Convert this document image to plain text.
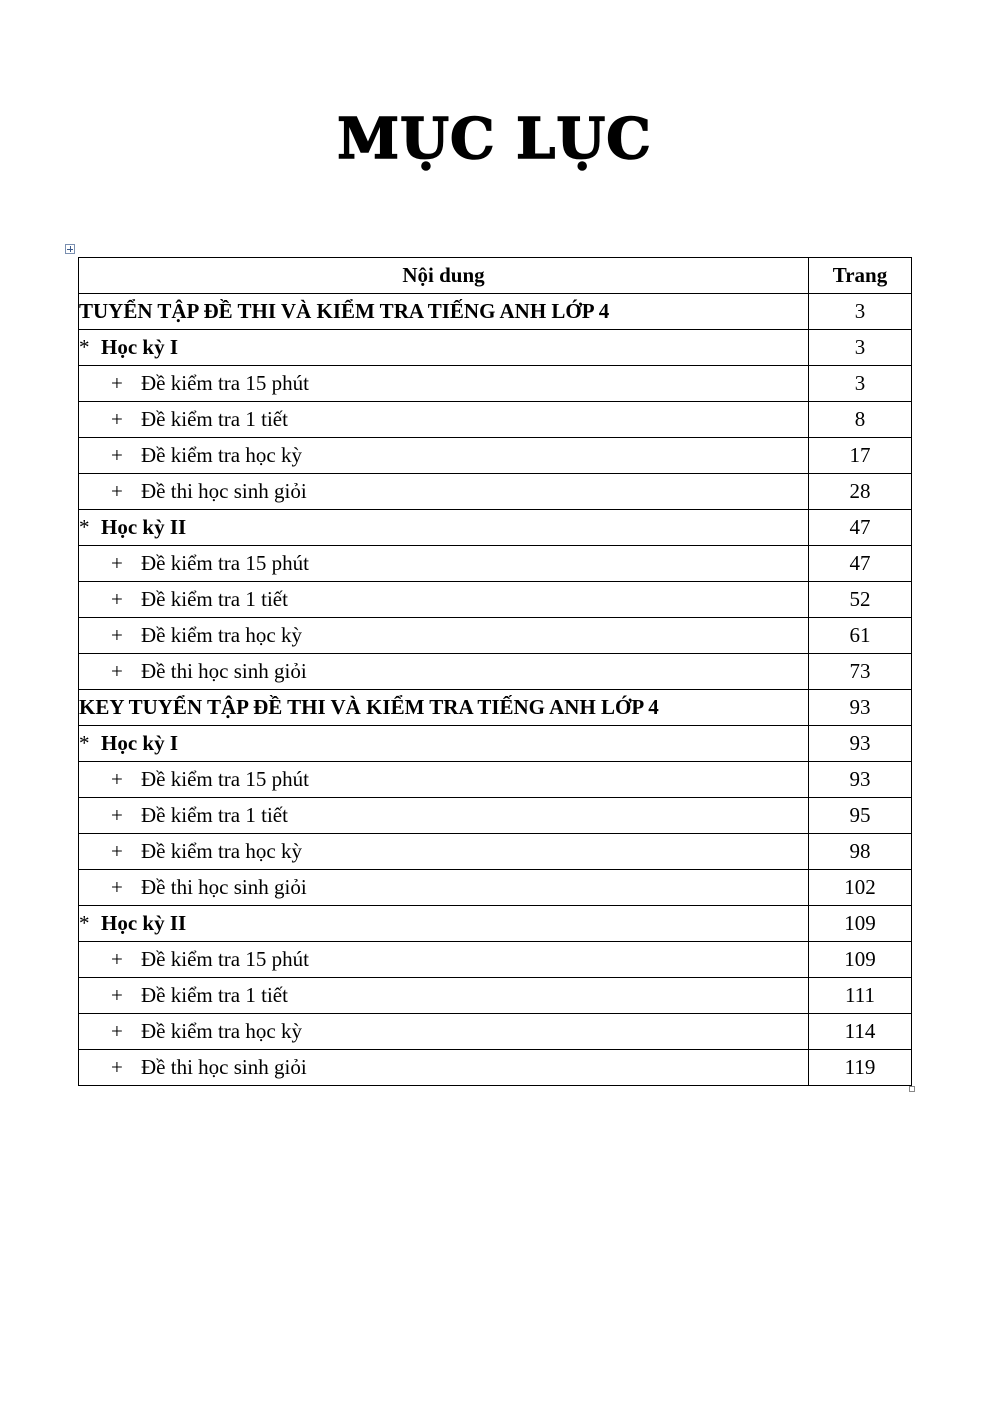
MỤC LỤC
Nội dung	Trang
TUYỂN TẬP ĐỀ THI VÀ KIỂM TRA TIẾNG ANH LỚP 4	3
* Học kỳ I	3
+ Đề kiểm tra 15 phút	3
+ Đề kiểm tra 1 tiết	8
+ Đề kiểm tra học kỳ	17
+ Đề thi học sinh giỏi	28
* Học kỳ II	47
+ Đề kiểm tra 15 phút	47
+ Đề kiểm tra 1 tiết	52
+ Đề kiểm tra học kỳ	61
+ Đề thi học sinh giỏi	73
KEY TUYỂN TẬP ĐỀ THI VÀ KIỂM TRA TIẾNG ANH LỚP 4	93
* Học kỳ I	93
+ Đề kiểm tra 15 phút	93
+ Đề kiểm tra 1 tiết	95
+ Đề kiểm tra học kỳ	98
+ Đề thi học sinh giỏi	102
* Học kỳ II	109
+ Đề kiểm tra 15 phút	109
+ Đề kiểm tra 1 tiết	111
+ Đề kiểm tra học kỳ	114
+ Đề thi học sinh giỏi	119
